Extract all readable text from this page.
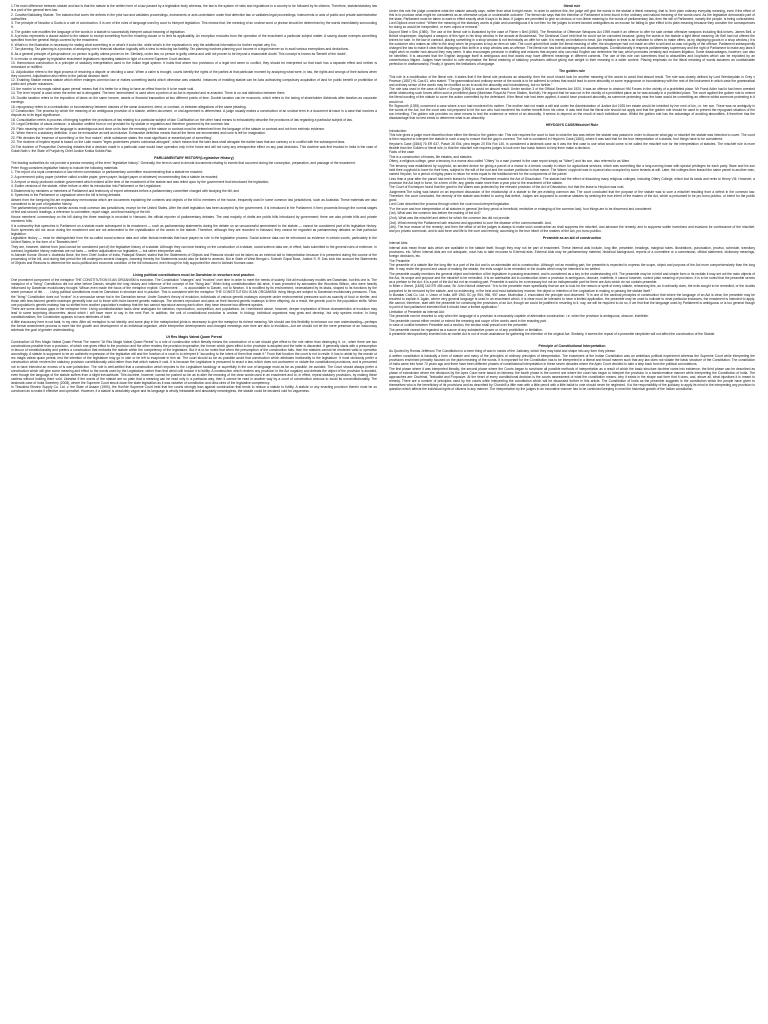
1.The main difference between statute and law is that the statute is the written form of a law passed by a legislative body whereas, the law is the system of rules and regulations in a country to be followed by its citizens. Therefore, statute/statutory law is a part of the general term law.

2. Curative/Validating Statute. The statutes that cures the defects in the prior law and validates proceedings, instruments or acts undertaken under that defective law or validates legal proceedings, instruments or acts of public and private administrative authorities.

3. The principle of Noscitur a Sociis is a rule of construction. It is one of the rules of language used by court to interpret legislation. This means that, the meaning of an unclear word or phrase should be determined by the words immediately surrounding it.

4. The golden rule modifies the language of the words in a statute to successfully interpret actual meaning of legislation.

5. A proviso represents a clause added to the statute to except something from the enacting clause or to limit its applicability. An exception excludes from the operation of the enactment a particular subject matter. A saving clause exempts something specified from the general things covered by the enactment.

6. What's in the illustration is necessary for stating what something is or what's it looks like, while what's in the explanation is only the additional information for further explain why it is.

7. Tax planning: Tax planning is a process of analyzing one's financial situation logically with a view to reducing tax liability. Tax planning involves planning your income in a legal manner so to avail various exemptions and deductions.

8. As a general principle of jurisprudence, no person is guilty unless proven to be. Similarly, under law, no person is guilty unless and until not proven to be beyond a reasonable doubt. This concept is known as 'Benefit of the doubt'.

9. to revoke or abrogate by legislative enactment legislatures repealing statutes in light of a recent Supreme Court decision.

10. Harmonious construction is a principle of statutory interpretation used in the Indian legal system. It holds that where two provisions of a legal text seem to conflict, they should be interpreted so that each has a separate effect and neither is redundant or nullified.

11. Adjudication refers to the legal process of resolving a dispute or deciding a case. When a claim is brought, courts identify the rights of the parties at that particular moment by analyzing what were, in law, the rights and wrongs of their actions when they occurred. Adjudication also refers to the judicial decision itself.

12. Enabling Statute means statute which either enlarges common law or makes something lawful which otherwise was unlawful. Instances of enabling statute can be Acts authorizing compulsory acquisition of land for public benefit or prohibition of public and private nuisances.

13. the maxim 'ut res magis valeat quam pereat' means that it is better for a thing to have an effect than for it to be made void.

14. The term 'repeal' is used when the entire act is abrogated. The term 'amendment' is used when a portion of an Act is repealed and re-enacted. There is no real distinction between them.

15. Double taxation refers to the imposition of taxes on the same income, assets or financial transaction at two different points of time. Double taxation can be economic, which refers to the taxing of shareholder dividends after taxation as corporate earnings.

16. repugnancy refers to a contradiction or inconsistency between clauses of the same document, deed, or contract, or between allegations of the same pleading.

17.Construction: The process by which the meaning of an ambiguous provision of a statute, written document, or oral agreement is determined. A judge usually makes a construction of an unclear term in a document at issue in a case that involves a dispute as to its legal significance.

18. Consolidation refers to process of bringing together the provisions of law relating to a particular subject of law. Codification on the other hand means to exhaustively describe the provisions of law regarding a particular subject of law.

19. Legal Definition of casus omissus : a situation omitted from or not provided for by statute or regulation and therefore governed by the common law.

20. Plain meaning rule: when the language is unambiguous and clear on its face the meaning of the statute or contract must be determined from the language of the statute or contract and not from extrinsic evidence.

21. When there is a statutory definition, it can be exhaustive as well as inclusive. Exhaustive definition means that all the items are enumerated and none is left for imagination.

22. Pith denotes the 'essence of something' or the 'true nature', while substance states 'the most significant or essential part of something'.

23. The doctrine of implied repeal is based on the Latin maxim "leges posteriores priores contrarias abrogant", which means that the later laws shall abrogate the earlier laws that are contrary or in conflict with the subsequent laws.

24.The doctrine of Prospective Overruling dictates that a decision made in a particular case would have operation only in the future and will not carry any retrospective effect on any past decisions. This doctrine was first invoked in India in the case of Golak Nath v. the State of Punjab by Chief Justice Kokka Subba Rao.

PARLIAMENTARY HISTORY(Legislative History)

The leading authorities do not provide a precise meaning of the term "legislative history." Generally, the term is used to denote documents relating to events that occurred during the conception, preparation, and passage of the enactment.

Peter Hogg considers legislative history to include the following materials:

1. The report of a royal commission or law reform commission or parliamentary committee recommending that a statute be enacted;

2. A government policy paper (whether called a white paper, green paper, budget paper or whatever) recommending that a statute be enacted;

3. A report or study produced outside government which existed at the time of the enactment of the statute and was relied upon by the government that introduced the legislation;

4. Earlier versions of the statute, either before or after its introduction into Parliament or the Legislature;

5.Statements by ministers or members of Parliament and testimony of expert witnesses before a parliamentary committee charged with studying the bill; and

6. Speeches in the Parliament or Legislature when the bill is being debated.

Absent from the foregoing list are explanatory memoranda which are documents explaining the contents and objects of the bill to members of the house- frequently used in some common law jurisdictions, such as Australia. These materials are also considered to be part of legislative history.

The parliamentary procedure is similar across most common law jurisdictions, except for the United States. After the draft legislation has been accepted by the government, it is introduced in the Parliament. It then proceeds through the normal stages of first and second readings, a reference to committee, report stage, and final reading of the bill.

House members' commentary on the bill during the three readings is recorded in Hansard, the official reporter of parliamentary debates. The vast majority of drafts are public bills introduced by government; there are also private bills and private members' bills.

It is noteworthy that speeches in Parliament on a statute made subsequent to its enactment — such as parliamentary statements during the debate on an unsuccessful amendment to the statute — cannot be considered part of its legislative history. Such speeches did not occur during the enactment and are not antecedent to the crystallization of the words in the statute. Therefore, although they are recorded in Hansard, they cannot be regarded as parliamentary debates on that particular legislation.

Legislative history — must be distinguished from the so-called social science data and other factual materials that have played no role in the legislative process. Social science data can be introduced as evidence in certain courts, particularly in the United States, in the form of a "Brandeis brief."

They are, however, distinct from (and cannot be considered part of) the legislative history of a statute. Although they can bear bearing on the construction of a statute, social science data are, in effect, facts submitted to the general rules of evidence. In contrast, legislative history materials are not facts — neither adjudicative nor legislative — but rather interpretive aids.

In Ashwini Kumar Ghose v. Arabinda Bose, the then Chief Justice of India, Patanjali Shastri, stated that the Statements of Objects and Reasons should not be taken as an external aid to interpretation because it is presented during the course of the processing of the bill, and during that period the bill undergoes several changes, meaning thereby the Statements would also be liable to amends. But in State of West Bengal v. Subodh Gopal Bose, Justice S. R. Das took into account the Statements of Objects and Reasons to determine the socio-political and economic condition of the bill introduced, even though he fully supported the view in Ashwini Kumars case.

Living political constitutions must be Darwinian in structure and practice.

One prominent component of the metaphor THE CONSTITUTION IS AN ORGANISM is evolution. The Constitution "changes" and "evolves" over time in order to meet the needs of society. Not all evolutionary models are Darwinian, but this one is. The metaphor of a "living" Constitution did not arise before Darwin, despite the long history and influence of the concept of the "living law." When living constitutionalism did arise, it was promoted by advocates like Woodrow Wilson, who were heavily influenced by Darwinian evolutionary thought. Wilson even made the focus of the metaphor explicit: Government . . . is accountable to Darwin, not to Newton. It is modified by its environment, necessitated by its tasks, shaped to its functions by the sheer pressure of life. . . . Living political constitutions must be Darwinian in structure and in practice. This is consistent with the metaphor THE CONSTITUTION IS AN ORGANISM: living things are subject to Darwinian evolutionary pressures. Thus, the "living" Constitution does not "evolve" in a vernacular sense but in the Darwinian sense. Under Darwin's theory of evolution, individuals of various genetic makeups compete under environmental pressures such as scarcity of food or shelter, and those with less-favored genetic makeups generally lose out to those with more-favored genetic makeups. The winners reproduce and pass on their favored genetic makeups to their offspring. As a result, the genetic pool in the population shifts. When one population's genetic makeup has so shifted from another population's makeup that the two cannot reproduce among each other, they have become two different species.

There are some obvious gaps in the metaphor here. Living constitutionalism lacks clear analogues for variation, reproduction, competition, and populations. As I mentioned above, however, deeper exploration of these characteristics of evolution may lead to some surprising discoveries, about which I will have more to say in the next Part. In addition, the unit of constitutional evolution is unclear. In biology, individual organisms may grow and develop, but only species evolve. In living constitutionalism, the Constitution appears to have attributes of both.

A little inaccuracy here is not fatal, in my view. After all, metaphor is not identity, and some play in the metaphorical joints is necessary to give the metaphor its richest meaning. We should use this flexibility to enhance our own understanding—perhaps the formal amendment process is more like the growth and development of an individual organism, while interpretive developments and changed meanings over time are akin to evolution—but we should not let the mere presence of an inaccuracy sidetrack the goal of greater understanding.

Ut Res Magis Valeat Quam Pereat

Construction Ut Res Magis Valeat Quam Pereat The maxim "Ut Res Magis Valeat Quam Pereat" is a rule of construction which literally means the construction of a rule should give effect to the rule rather than destroying it. i.e., when there are two constructions possible from a provision, of which one gives effect to the provision and the other renders the provision inoperative, the former which gives effect to the provision is adopted and the latter is discarded. It generally starts with a presumption in favour of constitutionality and prefers a construction that embarks the statute within the competency of the legislature. But it is to be noted that when the presumption of the construction fails, then the statutes cannot be rendered valid or operative accordingly. A statute is supposed to be an authentic expression of the legislative will and the function of a court is to interpret it "according to the intent of them that made it." From that function the court is not to resile. It has to abide by the maxim ut res magis valeat quam pereat, lest the intention of the legislature may go in vain or be left to evaporate in thin air. The court should so far as possible avoid that construction which attributes irrationality to the legislature. It must obviously prefer a construction which renders the statutory provision constitutionally valid rather than that which makes it void. It is because the Legislature is presumed to enact a law, which does not contravene or violate the constitutional provisions, and is presumed not to have intended an excess of is own jurisdiction. The rule is well-settled that a construction which imputes to the Legislature tautology or superfluity in the use of language must as far as possible, be avoided. The Court should always prefer a construction which will give some meaning and effect to the words used by the Legislature, rather than that which will reduce it to futility. A construction which renders any provision in the Act nugatory and defeats the object of the provision is avoided, even though the language of the statute suffers from a slight inexactitude. This doctrine, however, cannot be pushed so far as to alter the meaning of the clear words used in an enactment and to, in effect, repeal statutory provisions, by making these useless without holding them void. Likewise if the words of the statute are so plain that a meaning can be read only in a particular way, then it cannot be read in another way by a court of construction anxious to avoid its unconstitutionality. The landmark case of India Sweetery (2008), where the Supreme Court struck down the state legislation as it was violative of constitution and ultra-vires of the legislative competency.

In Tinsukhia Electric Supply Co. Ltd. v. the State of Assam (1990), the Hon'ble Supreme Court held that the courts strongly lean against construction that tends to reduce a statute to futility. A statute or any enacting provision therein must be so construed as to make it effective and operative. However, if a statute is absolutely vague and its language is wholly intractable and absolutely meaningless, the statute could be declared void for vagueness.

literal rule

Under this rule the judge considers what the statute actually says, rather than what it might mean. In order to achieve this, the judge will give the words in the statute a literal meaning, that is, their plain ordinary everyday meaning, even if the effect of this is to produce what might be considered as an otherwise unjust or undesirable outcome. The literal rule says that the intention of Parliament is best found in the ordinary and natural meaning of the words used. As the legislative democratic part of the state, Parliament must be taken to want to effect exactly what it says in its laws. If judges are permitted to give an obvious or non-literal meaning to the words of parliamentary law, then the will of Parliament, namely the people, is being contradicted. Lord Diplock once noted: "Where the meaning of the statutory words is plain and unambiguous it is not then for the judges to invent fancied ambiguities as an excuse for failing to give effect to its plain meaning because they consider the consequences for doing so would be inexpedient, or even unjust or immoral."

Dupont Steel v Sirs (1980). The use of the literal rule is illustrated by the case of Fisher v Bell (1960). The Restriction of Offensive Weapons Act 1959 made it an offence to offer for sale certain offensive weapons including flick knives. James Bell, a Bristol shopkeeper, displayed a weapon of this type in his shop window in the arcade at Broadmead. The Divisional Court held that he could not be convicted because, giving the words in the statute a tight literal meaning, Mr Bell had not offered the knives for sale. In the law of contract, placing something in a shop window is not technically an offer for sale; it is merely an invitation to treat. (An invitation to treat is an invitation to others to make offers, as by displaying goods in a shop window.) It is the customer who makes an offer to the shop when he proposes to buy an item on sale. The court upheld that under the literal meaning of offer, the shopkeeper had not made an offer to sell and so was not guilty of the offence. Parliament subsequently changed the law to make it clear that displaying a flick knife in a shop window was an offence. The literal rule has both advantages and disadvantages. Constitutionally it respects parliamentary supremacy and the right of Parliament to make any laws it might wish no matter how absurd they may seem. It also encourages precision in drafting and ensures that anyone who can read English can determine the law, which promotes certainty and reduces litigation. Some disadvantages, however, can also be identified. It is assumed that the English language itself is ambiguous and that words may have different meanings in different contexts. The use of this rule can sometimes lead to absurdities and loopholes which can be exploited by an unmeritorious litigant. Judges have tended to over-emphasise the literal meaning of statutory provisions without giving due weight to their meaning in a wider context. Placing emphasis on the literal meaning of words assumes an unobtainable perfection in draftsmanship. Finally, it ignores the limitations of language.

The golden rule

This rule is a modification of the literal rule. It states that if the literal rule produces an absurdity, then the court should look for another meaning of the words to avoid that absurd result. The rule was closely defined by Lord Wensleydale in Grey v Pearson (1857) HL Cas 61, who stated: "The grammatical and ordinary sense of the words is to be adhered to unless that would lead to some absurdity or some repugnance or inconsistency with the rest of the instrument in which case the grammatical and ordinary sense of the words may be modified so as to avoid the absurdity and inconsistency, but no farther."

The rule was used in the case of Adler v George (1964) to avoid an absurd result. Under section 3 of the Official Secrets Act 1920, it was an offence to obstruct HM Forces in the vicinity of a prohibited place. Mr Frank Adler had in fact been arrested whilst obstructing such forces within such a prohibited place (Markham Royal Air Force Station, Norfolk). He argued that he was not in the vicinity of a prohibited place as he was actually in a prohibited place. The court applied the golden rule to extend the literal wording of the statute to cover the action committed by the defendant. If the literal rule had been applied, it would have produced absurdity, as someone protesting near the base would be committing an offence whilst someone protesting in it would not.

Re Sigsworth (1935) concerned a case where a son had murdered his mother. The mother had not made a will and under the Administration of Justice Act 1925 her estate would be inherited by her next of kin, i.e. her son. There was no ambiguity in the words of the Act, but the court was not prepared to let the son who had murdered his mother benefit from his crime. It was held that the literal rule should not apply and that the golden rule should be used to prevent the repugnant situation of the son inheriting. The golden rule provides no clear means to test the existence or extent of an absurdity. It seems to depend on the result of each individual case. Whilst the golden rule has the advantage of avoiding absurdities, it therefore has the disadvantage that no test exists to determine what is an absurdity.

HEYDON'S CASE/Mischief Rule

Introduction:

This rule gives a judge more discretion than either the literal or the golden rule. This rule requires the court to look to what the law was before the statute was passed in order to discover what gap or mischief the statute was intended to cover. The court is then required to interpret the statute in such a way to ensure that the gap is covered. The rule is contained in Heydon's Case [1584], where it was said that for the true interpretation of a statute, four things have to be considered:

Heydon's Case [1584] 76 ER 637, Pasch 26 Eliz, plea began 20 Eliz Rot 140, is considered a landmark case as it was the first case to use what would come to be called the mischief rule for the interpretation of statutes. The mischief rule is more flexible than the Golden or literal rule, in that the mischief rule requires judges to look over four basic factors to help them make a decision.

Facts of the case

This is a construction of leases, life estates, and statutes.

Ottery, a religious college, gave a tenancy in a manor also called "Ottery" to a man (named in the case report simply as "Ware") and his son, also referred to as Ware.

The tenancy was established by copyhold, an ancient device for giving a parcel of a manor to a tenant, usually in return for agricultural services, which was something like a long-running lease with special privileges for each party. Ware and his son held their copyhold to have for their lives, subject to the will of the lord and the custom particular to that manor. The Wares' copyhold was in a parcel also occupied by some tenants at will. Later, the colleges then leased the same parcel to another man, named Heydon, for a period of eighty years in return for rents equal to the traditional rent for the components of the parcel.

Less than a year after the parcel had been leased to Heydon, Parliament enacted the Act of Dissolution. The statute had the effect of dissolving many religious colleges, including Ottery College, which lost its lands and rents to Henry VIII. However, a provision the Act kept in force, for a term of life, any grants made more than a year prior to the enactment of the statute.

The Court of Exchequer found that the grant to the Wares was protected by the relevant provision of the Act of Dissolution, but that the lease to Heydon was void.

Judgement:The ruling was based on an important discussion of the relationship of a statute to the pre-existing common law. The court concluded that the purpose of the statute was to cure a mischief resulting from a defect in the common law. Therefore, the court concluded, the remedy of the statute was limited to curing that defect. Judges are supposed to construe statutes by seeking the true intent of the makers of the Act, which is presumed to be pro bono publico, or intent for the public good.

Lord Coke described the process through which the court must interpret legislation.

"For the sure and true interpretation of all statutes in general (be they penal or beneficial, restrictive or enlarging of the common law), four things are to be discerned and considered:

(1st). What was the common law before the making of the Act?

(2nd). What was the mischief and defect for which the common law did not provide.

(3rd). What remedy the Parliament hath resolved and appointed to cure the disease of the commonwealth. And,

(4th). The true reason of the remedy; and then the office of all the judges is always to make such construction as shall suppress the mischief, and advance the remedy, and to suppress subtle inventions and evasions for continuance of the mischief, and pro privato commodo, and to add force and life to the cure and remedy, according to the true intent of the makers of the Act, pro bono publico.

Preamble as an aid of construction

Internal Aids:

Internal aids mean those aids which are available in the statute itself, though they may not be part of enactment. These internal aids include, long title, preamble, headings, marginal notes, illustrations, punctuation, proviso, schedule, transitory provisions, etc. When internal aids are not adequate, court has to take recourse to External aids. External Aids may be parliamentary material, historical background, reports of a committee or a commission, official statement, dictionary meanings, foreign decisions, etc.

The Preamble

The preamble of a statute like the long title is a part of the Act and is an admissible aid to construction. Although not an enacting part, the preamble is expected to express the scope, object and purpose of the Act more comprehensively than the long title. It may recite the ground and cause of making the statute, the evils sought to be remedied or the doubts which may be intended to be settled.

The preamble usually mentions the general object and intention of the legislature in passing enactment, and is considered as a key to the understanding of it. The preamble may be in brief and simple form or its recitals it may set out the main objects of the Act, its scope and purpose and the mischief to be remedied. It is an admissible aid to construction when a provision is ambiguous, obscure, indefinite, it cannot however, control plain meaning of provision. It is to be noted that the preamble serves as a preface to the Act. It is a part of the Act but not an enacting part. Preamble is said to be a necessary but not an indispensable part for there are Acts which do not contain preamble.

In Bhim v. Benet, [1826] 162 ER 456 case, Sir John Nicholl observed: "It is to the preamble more specifically that we are to look for the reason or spirit of every statute, rehearsing this, as it ordinarily does, the evils sought to be remedied, or the doubts purported to be removed by the statute, and so evidencing, in the best and most satisfactory manner, the object or intention of the Legislature in making or passing the statute itself."

In Burakar Coal Co. Ltd. v. Union of India, AIR 1961 SC pp 954, 956, 957 case, Mudholkar J. enunciated the principle and observed: "It is one of the cardinal principles of construction that where the language of an Act is clear, the preamble may be resorted to explain it. Again, where very general language is used in an enactment which, it is clear must be intended to have a limited application, the preamble may be used to indicate to what particular instances, the enactment is intended to apply. We cannot, therefore, start with the preamble for construing the provisions of an Act, though we could be justified in resorting to it, nay, we will be required to do so, if we find that the language used by Parliament is ambiguous or is too general though in point of fact parliament intended that it should have a limited application."

Limitation of Preamble as Internal Aid:

The preamble can be resorted to only when the language of a provision is reasonably capable of alternative construction. i.e. when the provision is ambiguous, obscure, indefinite.

The preamble cannot either restrict or extend the meaning and scope of the words used in the enacting part.

In case of conflict between Preamble and a section, the section shall prevail over the preamble.

The preamble cannot be regarded as a source of any substantive power or of any prohibition or limitation.

A preamble retrospectively inserted into an earlier Act is not of much assistance for gathering the intention of the original Act. Similarly, it seems the repeal of a preamble simpliciter will not affect the construction of the Statute.

Principle of Constitutional Interpretation

As Quoted by Romas Jefferson The Constitution is a mere thing of wax in hands of the Judiciary, which they may twist and shape into any form they please.

A written constitution is basically a form of statute and many of the principles of ordinary principles of interpretation. The enactment of the Indian Constitution was an ambitious political experiment whereas the Supreme Court while interpreting the provisions enshrined primarily focused on the plain meaning of the words. It is important for the Constitution has to be interpreted in a liberal and broad manner such that any law does not violate the basic structure of the Constitution. The constitution of India came into force 70 years ago and there have been different phases of constitutional interpretation in these seven decades where the Apex Court decided to take a step back from the political connotations.

The first phase where it was interpreted literally; the second phase where the Courts began to scrutinize all possible methods of interpretation as a result of which the basic structure doctrine came into existence; the third phase can be described as phase of eclecticism where the decisions by the Apex Court were based on fairness; the fourth phase is the current one where the court has begun to interpret the provision in a transformative manner while interpreting the Constitution of India. The approaches are: Doctrinal, Textualist and Purposive. At the heart of every constitutional decision is the courts assessment of what the constitution means, why it exists in the shape and form that it does, and, above all, what injustices it is meant to remedy. There are a number of principles used by the courts while interpreting the constitution which will be discussed further in this article. The Constitution of India as the preamble suggests is the constitution which the people have given to themselves who is the beneficiary of its provisions and as described by Churchill a little man with a little pencil with a little ballot to vote should never be neglected. It is the responsibility of the judiciary to apply its mind in the interpreting any provision in question which affects the individual rights of citizens in any manner. The interpretation by the judges in an innovative manner has to be continued keeping in mind the historical growth of the Indian constitution.
